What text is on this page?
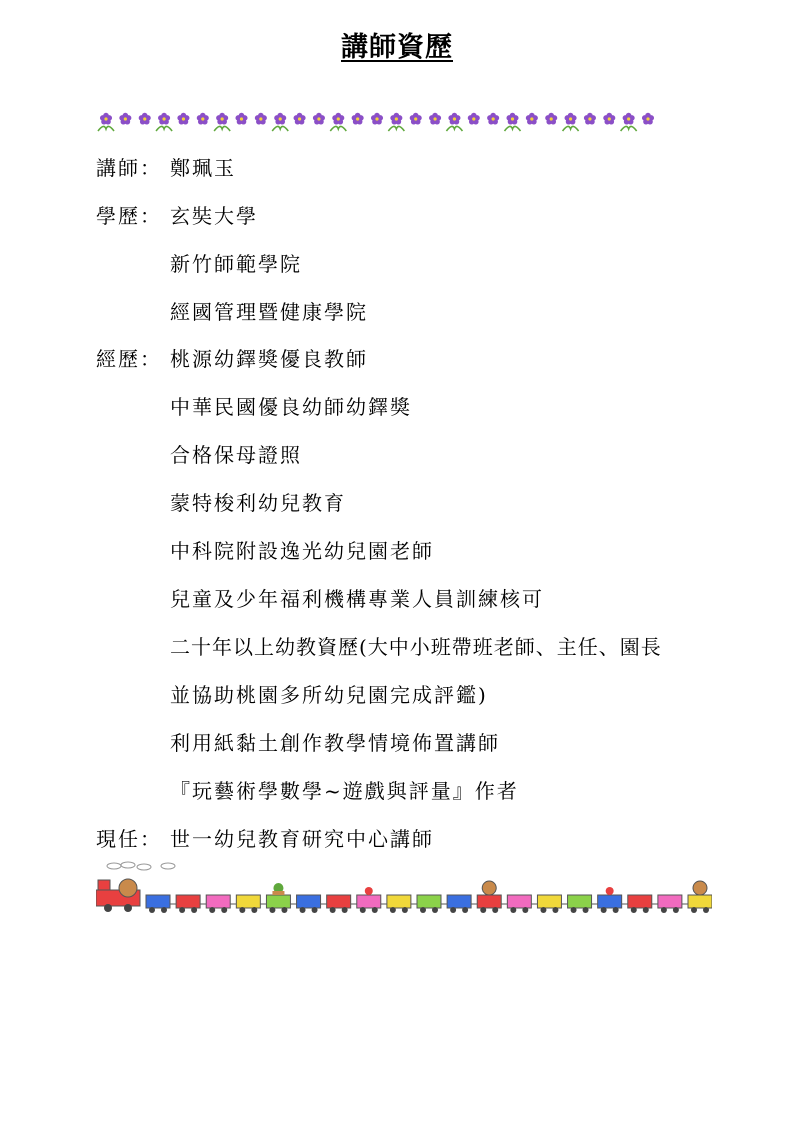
講師資歷
講師： 鄭珮玉
學歷： 玄奘大學
新竹師範學院
經國管理暨健康學院
經歷： 桃源幼鐸獎優良教師
中華民國優良幼師幼鐸獎
合格保母證照
蒙特梭利幼兒教育
中科院附設逸光幼兒園老師
兒童及少年福利機構專業人員訓練核可
二十年以上幼教資歷(大中小班帶班老師、主任、園長
並協助桃園多所幼兒園完成評鑑)
利用紙黏土創作教學情境佈置講師
『玩藝術學數學~遊戲與評量』作者
現任： 世一幼兒教育研究中心講師
